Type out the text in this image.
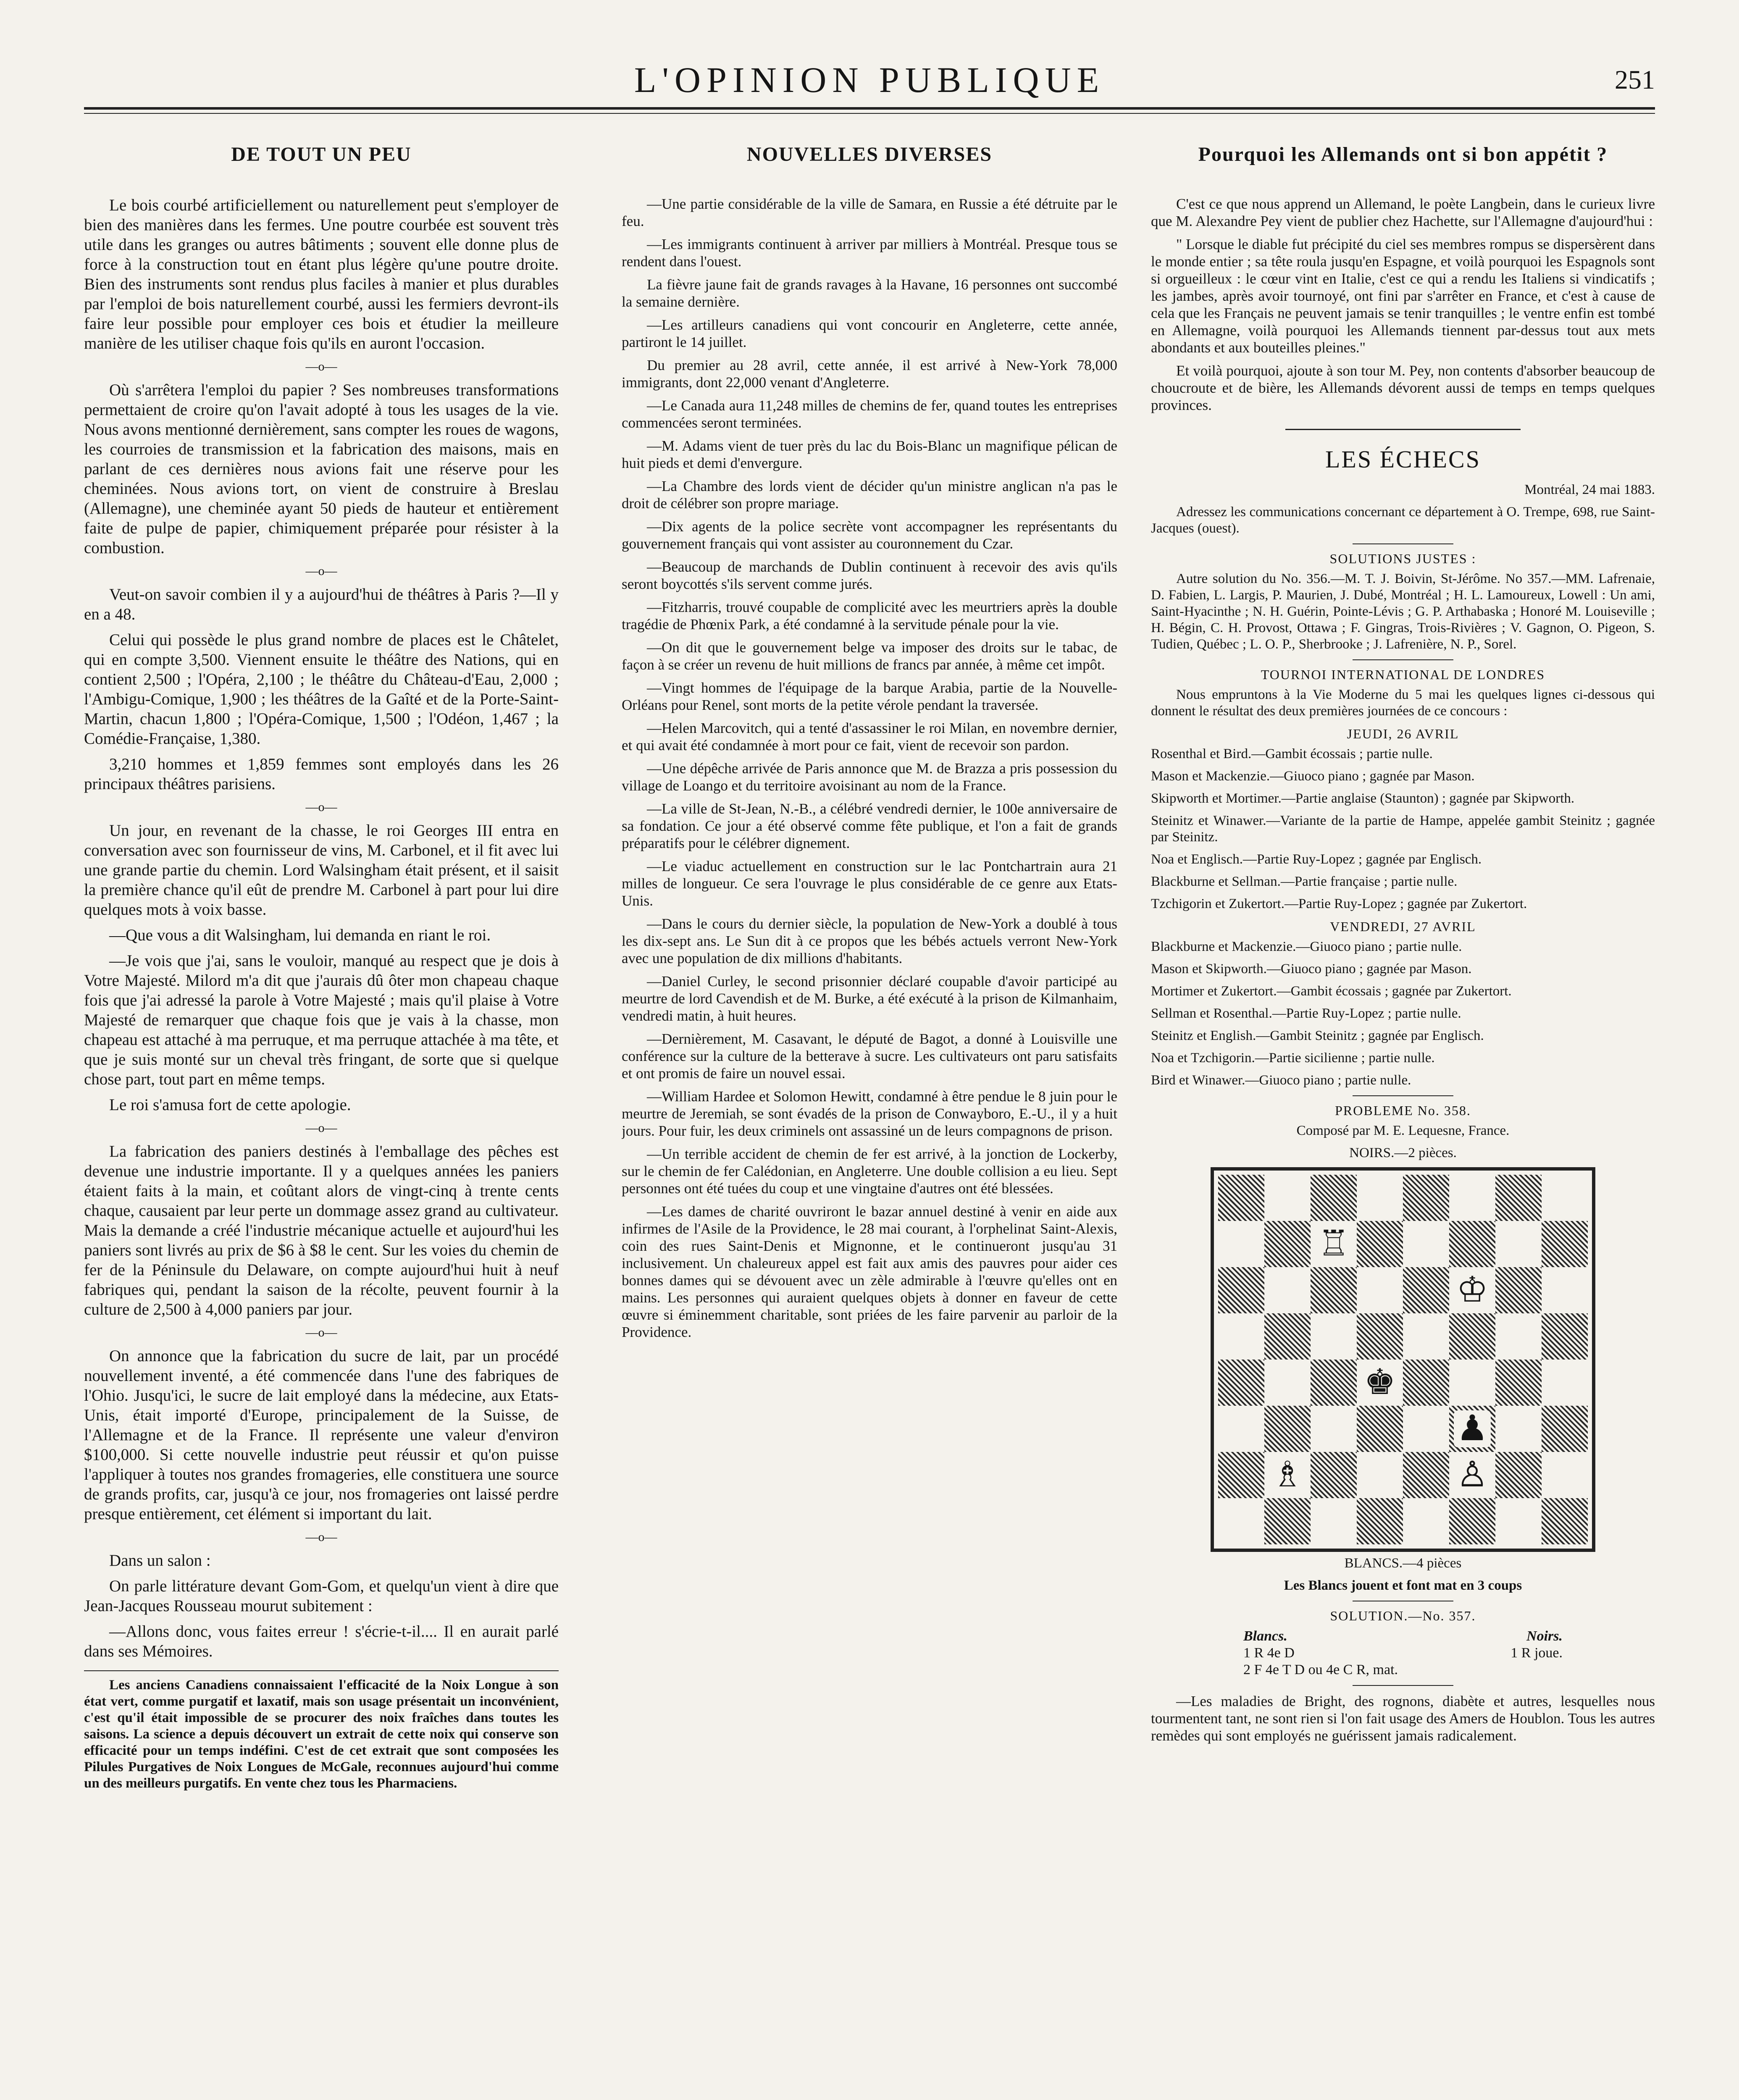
L'OPINION PUBLIQUE	251
DE TOUT UN PEU

Le bois courbé artificiellement ou naturellement peut s'employer de bien des manières dans les fermes. Une poutre courbée est souvent très utile dans les granges ou autres bâtiments ; souvent elle donne plus de force à la construction tout en étant plus légère qu'une poutre droite. Bien des instruments sont rendus plus faciles à manier et plus durables par l'emploi de bois naturellement courbé, aussi les fermiers devront-ils faire leur possible pour employer ces bois et étudier la meilleure manière de les utiliser chaque fois qu'ils en auront l'occasion.

—o—

Où s'arrêtera l'emploi du papier ? Ses nombreuses transformations permettaient de croire qu'on l'avait adopté à tous les usages de la vie. Nous avons mentionné dernièrement, sans compter les roues de wagons, les courroies de transmission et la fabrication des maisons, mais en parlant de ces dernières nous avions fait une réserve pour les cheminées. Nous avions tort, on vient de construire à Breslau (Allemagne), une cheminée ayant 50 pieds de hauteur et entièrement faite de pulpe de papier, chimiquement préparée pour résister à la combustion.

—o—

Veut-on savoir combien il y a aujourd'hui de théâtres à Paris ?—Il y en a 48.

Celui qui possède le plus grand nombre de places est le Châtelet, qui en compte 3,500. Viennent ensuite le théâtre des Nations, qui en contient 2,500 ; l'Opéra, 2,100 ; le théâtre du Château-d'Eau, 2,000 ; l'Ambigu-Comique, 1,900 ; les théâtres de la Gaîté et de la Porte-Saint-Martin, chacun 1,800 ; l'Opéra-Comique, 1,500 ; l'Odéon, 1,467 ; la Comédie-Française, 1,380.

3,210 hommes et 1,859 femmes sont employés dans les 26 principaux théâtres parisiens.

—o—

Un jour, en revenant de la chasse, le roi Georges III entra en conversation avec son fournisseur de vins, M. Carbonel, et il fit avec lui une grande partie du chemin. Lord Walsingham était présent, et il saisit la première chance qu'il eût de prendre M. Carbonel à part pour lui dire quelques mots à voix basse.

—Que vous a dit Walsingham, lui demanda en riant le roi.

—Je vois que j'ai, sans le vouloir, manqué au respect que je dois à Votre Majesté. Milord m'a dit que j'aurais dû ôter mon chapeau chaque fois que j'ai adressé la parole à Votre Majesté ; mais qu'il plaise à Votre Majesté de remarquer que chaque fois que je vais à la chasse, mon chapeau est attaché à ma perruque, et ma perruque attachée à ma tête, et que je suis monté sur un cheval très fringant, de sorte que si quelque chose part, tout part en même temps.

Le roi s'amusa fort de cette apologie.

—o—

La fabrication des paniers destinés à l'emballage des pêches est devenue une industrie importante. Il y a quelques années les paniers étaient faits à la main, et coûtant alors de vingt-cinq à trente cents chaque, causaient par leur perte un dommage assez grand au cultivateur. Mais la demande a créé l'industrie mécanique actuelle et aujourd'hui les paniers sont livrés au prix de $6 à $8 le cent. Sur les voies du chemin de fer de la Péninsule du Delaware, on compte aujourd'hui huit à neuf fabriques qui, pendant la saison de la récolte, peuvent fournir à la culture de 2,500 à 4,000 paniers par jour.

—o—

On annonce que la fabrication du sucre de lait, par un procédé nouvellement inventé, a été commencée dans l'une des fabriques de l'Ohio. Jusqu'ici, le sucre de lait employé dans la médecine, aux Etats-Unis, était importé d'Europe, principalement de la Suisse, de l'Allemagne et de la France. Il représente une valeur d'environ $100,000. Si cette nouvelle industrie peut réussir et qu'on puisse l'appliquer à toutes nos grandes fromageries, elle constituera une source de grands profits, car, jusqu'à ce jour, nos fromageries ont laissé perdre presque entièrement, cet élément si important du lait.

—o—

Dans un salon :

On parle littérature devant Gom-Gom, et quelqu'un vient à dire que Jean-Jacques Rousseau mourut subitement :

—Allons donc, vous faites erreur ! s'écrie-t-il.... Il en aurait parlé dans ses Mémoires.

Les anciens Canadiens connaissaient l'efficacité de la Noix Longue à son état vert, comme purgatif et laxatif, mais son usage présentait un inconvénient, c'est qu'il était impossible de se procurer des noix fraîches dans toutes les saisons. La science a depuis découvert un extrait de cette noix qui conserve son efficacité pour un temps indéfini. C'est de cet extrait que sont composées les Pilules Purgatives de Noix Longues de McGale, reconnues aujourd'hui comme un des meilleurs purgatifs. En vente chez tous les Pharmaciens.

NOUVELLES DIVERSES

—Une partie considérable de la ville de Samara, en Russie a été détruite par le feu.

—Les immigrants continuent à arriver par milliers à Montréal. Presque tous se rendent dans l'ouest.

La fièvre jaune fait de grands ravages à la Havane, 16 personnes ont succombé la semaine dernière.

—Les artilleurs canadiens qui vont concourir en Angleterre, cette année, partiront le 14 juillet.

Du premier au 28 avril, cette année, il est arrivé à New-York 78,000 immigrants, dont 22,000 venant d'Angleterre.

—Le Canada aura 11,248 milles de chemins de fer, quand toutes les entreprises commencées seront terminées.

—M. Adams vient de tuer près du lac du Bois-Blanc un magnifique pélican de huit pieds et demi d'envergure.

—La Chambre des lords vient de décider qu'un ministre anglican n'a pas le droit de célébrer son propre mariage.

—Dix agents de la police secrète vont accompagner les représentants du gouvernement français qui vont assister au couronnement du Czar.

—Beaucoup de marchands de Dublin continuent à recevoir des avis qu'ils seront boycottés s'ils servent comme jurés.

—Fitzharris, trouvé coupable de complicité avec les meurtriers après la double tragédie de Phœnix Park, a été condamné à la servitude pénale pour la vie.

—On dit que le gouvernement belge va imposer des droits sur le tabac, de façon à se créer un revenu de huit millions de francs par année, à même cet impôt.

—Vingt hommes de l'équipage de la barque Arabia, partie de la Nouvelle-Orléans pour Renel, sont morts de la petite vérole pendant la traversée.

—Helen Marcovitch, qui a tenté d'assassiner le roi Milan, en novembre dernier, et qui avait été condamnée à mort pour ce fait, vient de recevoir son pardon.

—Une dépêche arrivée de Paris annonce que M. de Brazza a pris possession du village de Loango et du territoire avoisinant au nom de la France.

—La ville de St-Jean, N.-B., a célébré vendredi dernier, le 100e anniversaire de sa fondation. Ce jour a été observé comme fête publique, et l'on a fait de grands préparatifs pour le célébrer dignement.

—Le viaduc actuellement en construction sur le lac Pontchartrain aura 21 milles de longueur. Ce sera l'ouvrage le plus considérable de ce genre aux Etats-Unis.

—Dans le cours du dernier siècle, la population de New-York a doublé à tous les dix-sept ans. Le Sun dit à ce propos que les bébés actuels verront New-York avec une population de dix millions d'habitants.

—Daniel Curley, le second prisonnier déclaré coupable d'avoir participé au meurtre de lord Cavendish et de M. Burke, a été exécuté à la prison de Kilmanhaim, vendredi matin, à huit heures.

—Dernièrement, M. Casavant, le député de Bagot, a donné à Louisville une conférence sur la culture de la betterave à sucre. Les cultivateurs ont paru satisfaits et ont promis de faire un nouvel essai.

—William Hardee et Solomon Hewitt, condamné à être pendue le 8 juin pour le meurtre de Jeremiah, se sont évadés de la prison de Conwayboro, E.-U., il y a huit jours. Pour fuir, les deux criminels ont assassiné un de leurs compagnons de prison.

—Un terrible accident de chemin de fer est arrivé, à la jonction de Lockerby, sur le chemin de fer Calédonian, en Angleterre. Une double collision a eu lieu. Sept personnes ont été tuées du coup et une vingtaine d'autres ont été blessées.

—Les dames de charité ouvriront le bazar annuel destiné à venir en aide aux infirmes de l'Asile de la Providence, le 28 mai courant, à l'orphelinat Saint-Alexis, coin des rues Saint-Denis et Mignonne, et le continueront jusqu'au 31 inclusivement. Un chaleureux appel est fait aux amis des pauvres pour aider ces bonnes dames qui se dévouent avec un zèle admirable à l'œuvre qu'elles ont en mains. Les personnes qui auraient quelques objets à donner en faveur de cette œuvre si éminemment charitable, sont priées de les faire parvenir au parloir de la Providence.

Pourquoi les Allemands ont si bon appétit ?

C'est ce que nous apprend un Allemand, le poète Langbein, dans le curieux livre que M. Alexandre Pey vient de publier chez Hachette, sur l'Allemagne d'aujourd'hui :

" Lorsque le diable fut précipité du ciel ses membres rompus se dispersèrent dans le monde entier ; sa tête roula jusqu'en Espagne, et voilà pourquoi les Espagnols sont si orgueilleux : le cœur vint en Italie, c'est ce qui a rendu les Italiens si vindicatifs ; les jambes, après avoir tournoyé, ont fini par s'arrêter en France, et c'est à cause de cela que les Français ne peuvent jamais se tenir tranquilles ; le ventre enfin est tombé en Allemagne, voilà pourquoi les Allemands tiennent par-dessus tout aux mets abondants et aux bouteilles pleines."

Et voilà pourquoi, ajoute à son tour M. Pey, non contents d'absorber beaucoup de choucroute et de bière, les Allemands dévorent aussi de temps en temps quelques provinces.

LES ÉCHECS

Montréal, 24 mai 1883.

Adressez les communications concernant ce département à O. Trempe, 698, rue Saint-Jacques (ouest).

SOLUTIONS JUSTES :

Autre solution du No. 356.—M. T. J. Boivin, St-Jérôme. No 357.—MM. Lafrenaie, D. Fabien, L. Largis, P. Maurien, J. Dubé, Montréal ; H. L. Lamoureux, Lowell : Un ami, Saint-Hyacinthe ; N. H. Guérin, Pointe-Lévis ; G. P. Arthabaska ; Honoré M. Louiseville ; H. Bégin, C. H. Provost, Ottawa ; F. Gingras, Trois-Rivières ; V. Gagnon, O. Pigeon, S. Tudien, Québec ; L. O. P., Sherbrooke ; J. Lafrenière, N. P., Sorel.

TOURNOI INTERNATIONAL DE LONDRES

Nous empruntons à la Vie Moderne du 5 mai les quelques lignes ci-dessous qui donnent le résultat des deux premières journées de ce concours :

JEUDI, 26 AVRIL

Rosenthal et Bird.—Gambit écossais ; partie nulle.

Mason et Mackenzie.—Giuoco piano ; gagnée par Mason.

Skipworth et Mortimer.—Partie anglaise (Staunton) ; gagnée par Skipworth.

Steinitz et Winawer.—Variante de la partie de Hampe, appelée gambit Steinitz ; gagnée par Steinitz.

Noa et Englisch.—Partie Ruy-Lopez ; gagnée par Englisch.

Blackburne et Sellman.—Partie française ; partie nulle.

Tzchigorin et Zukertort.—Partie Ruy-Lopez ; gagnée par Zukertort.

VENDREDI, 27 AVRIL

Blackburne et Mackenzie.—Giuoco piano ; partie nulle.

Mason et Skipworth.—Giuoco piano ; gagnée par Mason.

Mortimer et Zukertort.—Gambit écossais ; gagnée par Zukertort.

Sellman et Rosenthal.—Partie Ruy-Lopez ; partie nulle.

Steinitz et English.—Gambit Steinitz ; gagnée par Englisch.

Noa et Tzchigorin.—Partie sicilienne ; partie nulle.

Bird et Winawer.—Giuoco piano ; partie nulle.

PROBLEME No. 358.

Composé par M. E. Lequesne, France.

NOIRS.—2 pièces.

♖
♔
♚
♟
♗	♙

BLANCS.—4 pièces

Les Blancs jouent et font mat en 3 coups

SOLUTION.—No. 357.
Blancs.	Noirs.
1 R 4e D	1 R joue.
2 F 4e T D ou 4e C R, mat.

—Les maladies de Bright, des rognons, diabète et autres, lesquelles nous tourmentent tant, ne sont rien si l'on fait usage des Amers de Houblon. Tous les autres remèdes qui sont employés ne guérissent jamais radicalement.
